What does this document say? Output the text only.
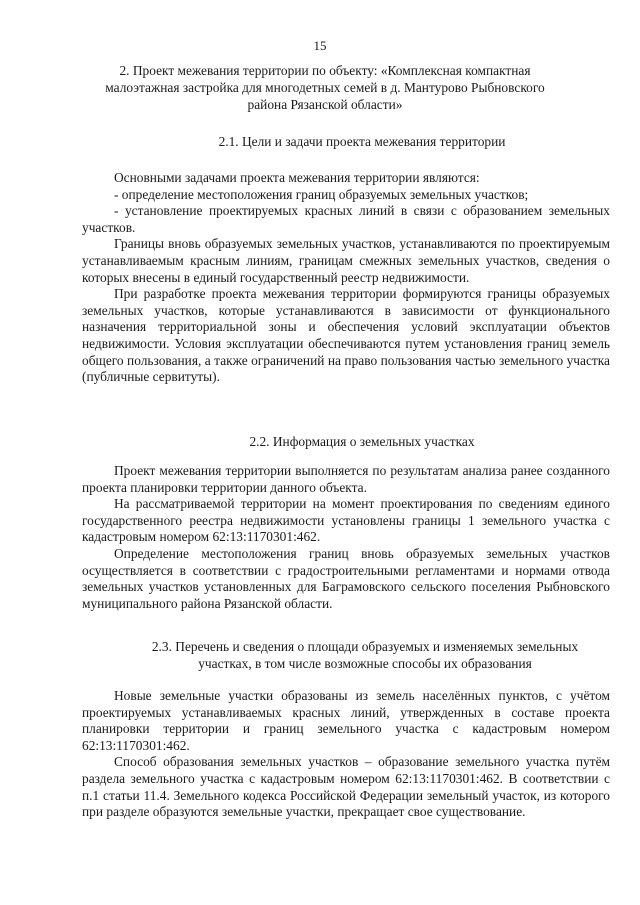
15
2. Проект межевания территории по объекту: «Комплексная компактная малоэтажная застройка для многодетных семей в д. Мантурово Рыбновского района Рязанской области»
2.1. Цели и задачи проекта межевания территории

Основными задачами проекта межевания территории являются:

- определение местоположения границ образуемых земельных участков;

- установление проектируемых красных линий в связи с образованием земельных участков.

Границы вновь образуемых земельных участков, устанавливаются по проектируемым устанавливаемым красным линиям, границам смежных земельных участков, сведения о которых внесены в единый государственный реестр недвижимости.

При разработке проекта межевания территории формируются границы образуемых земельных участков, которые устанавливаются в зависимости от функционального назначения территориальной зоны и обеспечения условий эксплуатации объектов недвижимости. Условия эксплуатации обеспечиваются путем установления границ земель общего пользования, а также ограничений на право пользования частью земельного участка (публичные сервитуты).

2.2. Информация о земельных участках

Проект межевания территории выполняется по результатам анализа ранее созданного проекта планировки территории данного объекта.

На рассматриваемой территории на момент проектирования по сведениям единого государственного реестра недвижимости установлены границы 1 земельного участка с кадастровым номером 62:13:1170301:462.

Определение местоположения границ вновь образуемых земельных участков осуществляется в соответствии с градостроительными регламентами и нормами отвода земельных участков установленных для Баграмовского сельского поселения Рыбновского муниципального района Рязанской области.

2.3. Перечень и сведения о площади образуемых и изменяемых земельных участках, в том числе возможные способы их образования

Новые земельные участки образованы из земель населённых пунктов, с учётом проектируемых устанавливаемых красных линий, утвержденных в составе проекта планировки территории и границ земельного участка с кадастровым номером 62:13:1170301:462.

Способ образования земельных участков – образование земельного участка путём раздела земельного участка с кадастровым номером 62:13:1170301:462. В соответствии с п.1 статьи 11.4. Земельного кодекса Российской Федерации земельный участок, из которого при разделе образуются земельные участки, прекращает свое существование.
